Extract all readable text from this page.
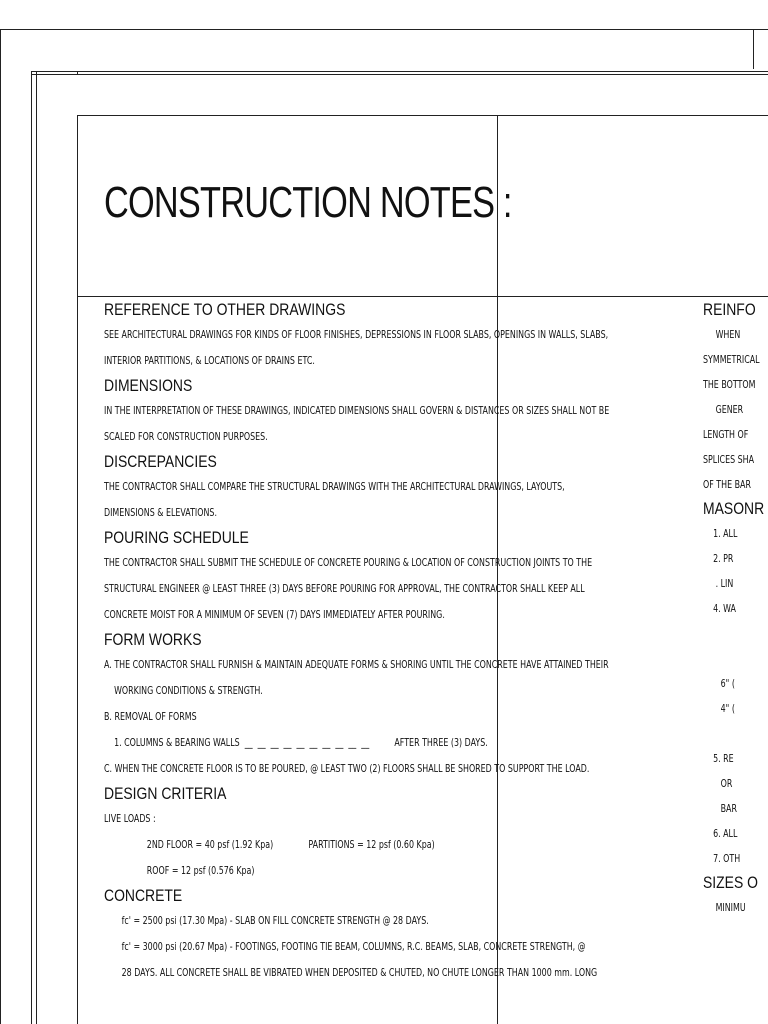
CONSTRUCTION NOTES :
REFERENCE TO OTHER DRAWINGS
SEE ARCHITECTURAL DRAWINGS FOR KINDS OF FLOOR FINISHES, DEPRESSIONS IN FLOOR SLABS, OPENINGS IN WALLS, SLABS,
INTERIOR PARTITIONS, & LOCATIONS OF DRAINS ETC.
DIMENSIONS
IN THE INTERPRETATION OF THESE DRAWINGS, INDICATED DIMENSIONS SHALL GOVERN & DISTANCES OR SIZES SHALL NOT BE
SCALED FOR CONSTRUCTION PURPOSES.
DISCREPANCIES
THE CONTRACTOR SHALL COMPARE THE STRUCTURAL DRAWINGS WITH THE ARCHITECTURAL DRAWINGS, LAYOUTS,
DIMENSIONS & ELEVATIONS.
POURING SCHEDULE
THE CONTRACTOR SHALL SUBMIT THE SCHEDULE OF CONCRETE POURING & LOCATION OF CONSTRUCTION JOINTS TO THE
STRUCTURAL ENGINEER @ LEAST THREE (3) DAYS BEFORE POURING FOR APPROVAL, THE CONTRACTOR SHALL KEEP ALL
CONCRETE MOIST FOR A MINIMUM OF SEVEN (7) DAYS IMMEDIATELY AFTER POURING.
FORM WORKS
A. THE CONTRACTOR SHALL FURNISH & MAINTAIN ADEQUATE FORMS & SHORING UNTIL THE CONCRETE HAVE ATTAINED THEIR
WORKING CONDITIONS & STRENGTH.
B. REMOVAL OF FORMS
1. COLUMNS & BEARING WALLS  __  __  __  __  __  __  __  __  __  __          AFTER THREE (3) DAYS.
C. WHEN THE CONCRETE FLOOR IS TO BE POURED, @ LEAST TWO (2) FLOORS SHALL BE SHORED TO SUPPORT THE LOAD.
DESIGN CRITERIA
LIVE LOADS :
2ND FLOOR = 40 psf (1.92 Kpa)              PARTITIONS = 12 psf (0.60 Kpa)
ROOF = 12 psf (0.576 Kpa)
CONCRETE
fc' = 2500 psi (17.30 Mpa) - SLAB ON FILL CONCRETE STRENGTH @ 28 DAYS.
fc' = 3000 psi (20.67 Mpa) - FOOTINGS, FOOTING TIE BEAM, COLUMNS, R.C. BEAMS, SLAB, CONCRETE STRENGTH, @
28 DAYS. ALL CONCRETE SHALL BE VIBRATED WHEN DEPOSITED & CHUTED, NO CHUTE LONGER THAN 1000 mm. LONG
REINFO
WHEN
SYMMETRICAL
THE BOTTOM
GENER
LENGTH OF
SPLICES SHA
OF THE BAR
MASONR
1. ALL
2. PR
. LIN
4. WA

6" (
4" (

5. RE
OR
BAR
6. ALL
7. OTH
SIZES O
MINIMU
